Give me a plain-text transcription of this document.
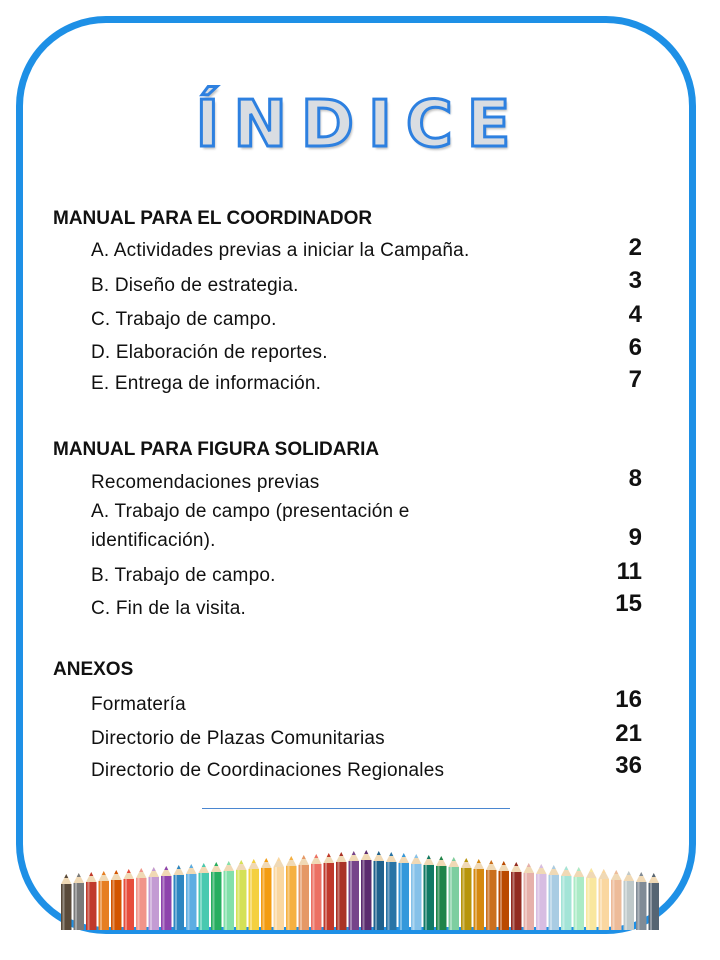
ÍNDICE
MANUAL PARA EL COORDINADOR
A. Actividades previas a iniciar la Campaña.	2
B. Diseño de estrategia.	3
C. Trabajo de campo.	4
D. Elaboración de reportes.	6
E. Entrega de información.	7
MANUAL PARA FIGURA SOLIDARIA
Recomendaciones previas	8
A. Trabajo de campo (presentación e identificación).	9
B. Trabajo de campo.	11
C. Fin de la visita.	15
ANEXOS
Formatería	16
Directorio de Plazas Comunitarias	21
Directorio de Coordinaciones Regionales	36
